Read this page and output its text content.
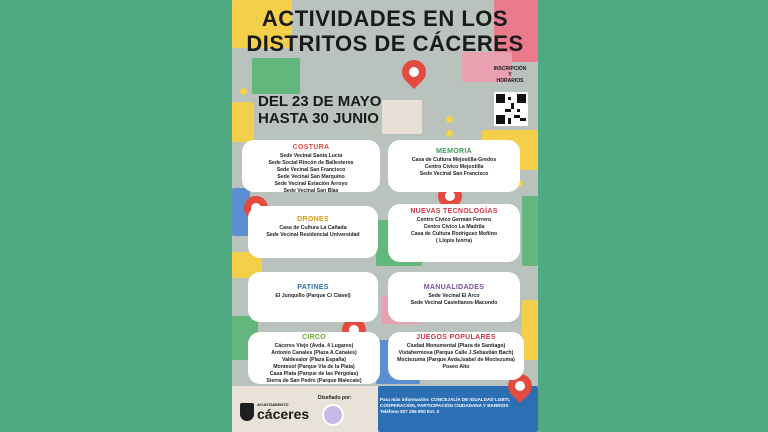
ACTIVIDADES EN LOS
DISTRITOS DE CÁCERES
DEL 23 DE MAYO
HASTA 30 JUNIO
INSCRIPCIÓN
Y
HORARIOS
COSTURA
Sede Vecinal Santa Lucía
Sede Social Rincón de Ballesteros
Sede Vecinal San Francisco
Sede Vecinal San Marquino
Sede Vecinal Estación Arroyo
Sede Vecinal San Blas
MEMORIA
Casa de Cultura Mejostilla-Gredos
Centro Cívico Mejostilla
Sede Vecinal San Francisco
DRONES
Casa de Cultura La Cañada
Sede Vecinal Residencial Universidad
NUEVAS TECNOLOGÍAS
Centro Cívico Germán Ferrero
Centro Cívico La Madrila
Casa de Cultura Rodríguez Moñino
( Llopis Ivorra)
PATINES
El Junquillo (Parque C/ Clavel)
MANUALIDADES
Sede Vecinal El Arco
Sede Vecinal Castellanos-Macondo
CIRCO
Cáceres Viejo (Avda. 4 Lugares)
Antonio Canales (Plaza A.Canales)
Valdesalor (Plaza España)
Montesol (Parque Vía de la Plata)
Casa Plata (Parque de las Pérgolas)
Sierra de San Pedro (Parque Malecate)
JUEGOS POPULARES
Ciudad Monumental (Plaza de Santiago)
Vistahermosa (Parque Calle J.Sebastián Bach)
Moctezuma (Parque Avda.Isabel de Moctezuma)
Poseo Alto
AYUNTAMIENTO
cáceres
Diseñado por:	Para más información: CONCEJALÍA DE IGUALDAD LGBTI,
COOPERACIÓN, PARTICIPACIÓN CIUDADANA Y BARRIOS
Teléfono 927 255 800 Ext. 0
